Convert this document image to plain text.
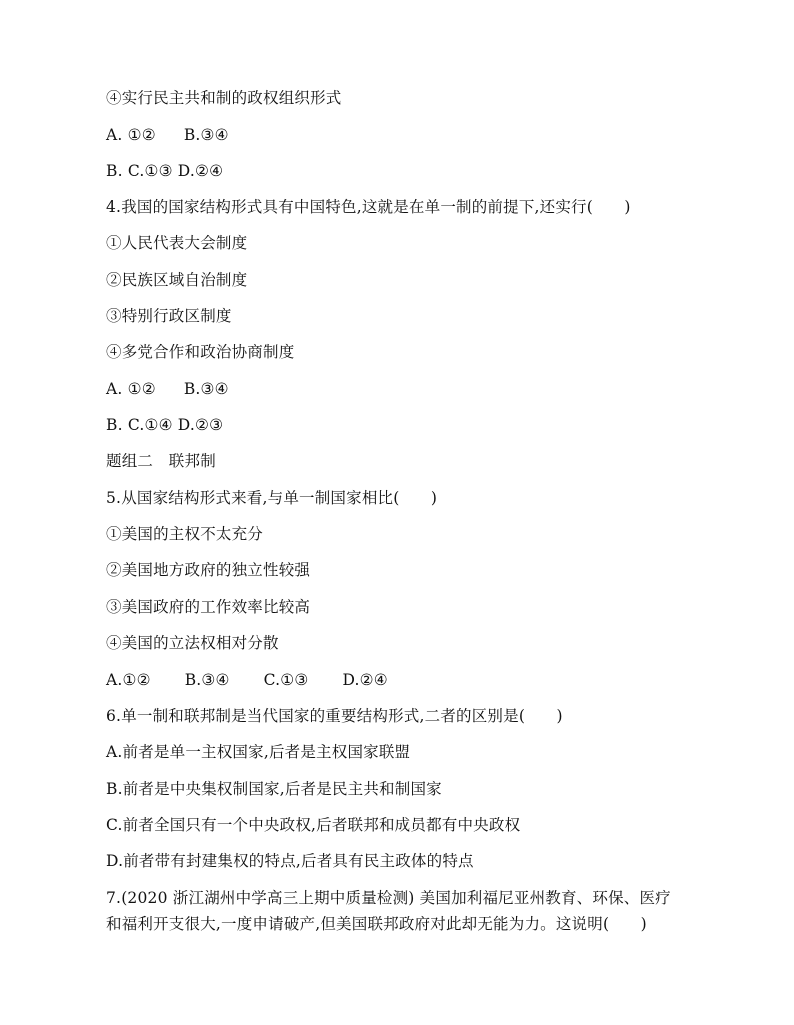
④实行民主共和制的政权组织形式
A. ①② B.③④
B. C.①③ D.②④
4.我国的国家结构形式具有中国特色,这就是在单一制的前提下,还实行(　　)
①人民代表大会制度
②民族区域自治制度
③特别行政区制度
④多党合作和政治协商制度
A. ①② B.③④
B. C.①④ D.②③
题组二　联邦制
5.从国家结构形式来看,与单一制国家相比(　　)
①美国的主权不太充分
②美国地方政府的独立性较强
③美国政府的工作效率比较高
④美国的立法权相对分散
A.①② B.③④ C.①③ D.②④
6.单一制和联邦制是当代国家的重要结构形式,二者的区别是(　　)
A.前者是单一主权国家,后者是主权国家联盟
B.前者是中央集权制国家,后者是民主共和制国家
C.前者全国只有一个中央政权,后者联邦和成员都有中央政权
D.前者带有封建集权的特点,后者具有民主政体的特点
7.(2020 浙江湖州中学高三上期中质量检测) 美国加利福尼亚州教育、环保、医疗
和福利开支很大,一度申请破产,但美国联邦政府对此却无能为力。这说明(　　)
